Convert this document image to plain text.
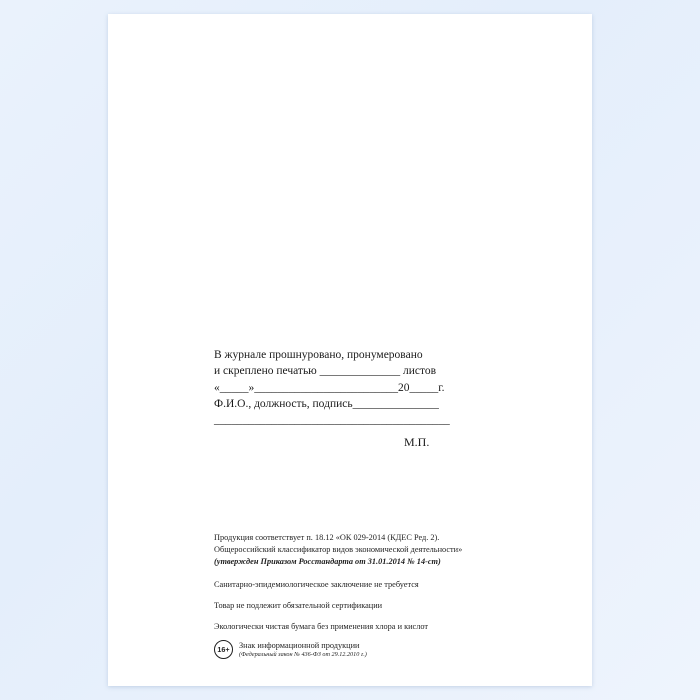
В журнале прошнуровано, пронумеровано
и скреплено печатью ______________ листов
«_____»_________________________20_____г.
Ф.И.О., должность, подпись_______________
_________________________________________
М.П.

Продукция соответствует п. 18.12 «ОК 029-2014 (КДЕС Ред. 2).
Общероссийский классификатор видов экономической деятельности»
(утвержден Приказом Росстандарта от 31.01.2014 № 14-ст)

Санитарно-эпидемиологическое заключение не требуется

Товар не подлежит обязательной сертификации

Экологически чистая бумага без применения хлора и кислот

16+	Знак информационной продукции
(Федеральный закон № 436-ФЗ от 29.12.2010 г.)
